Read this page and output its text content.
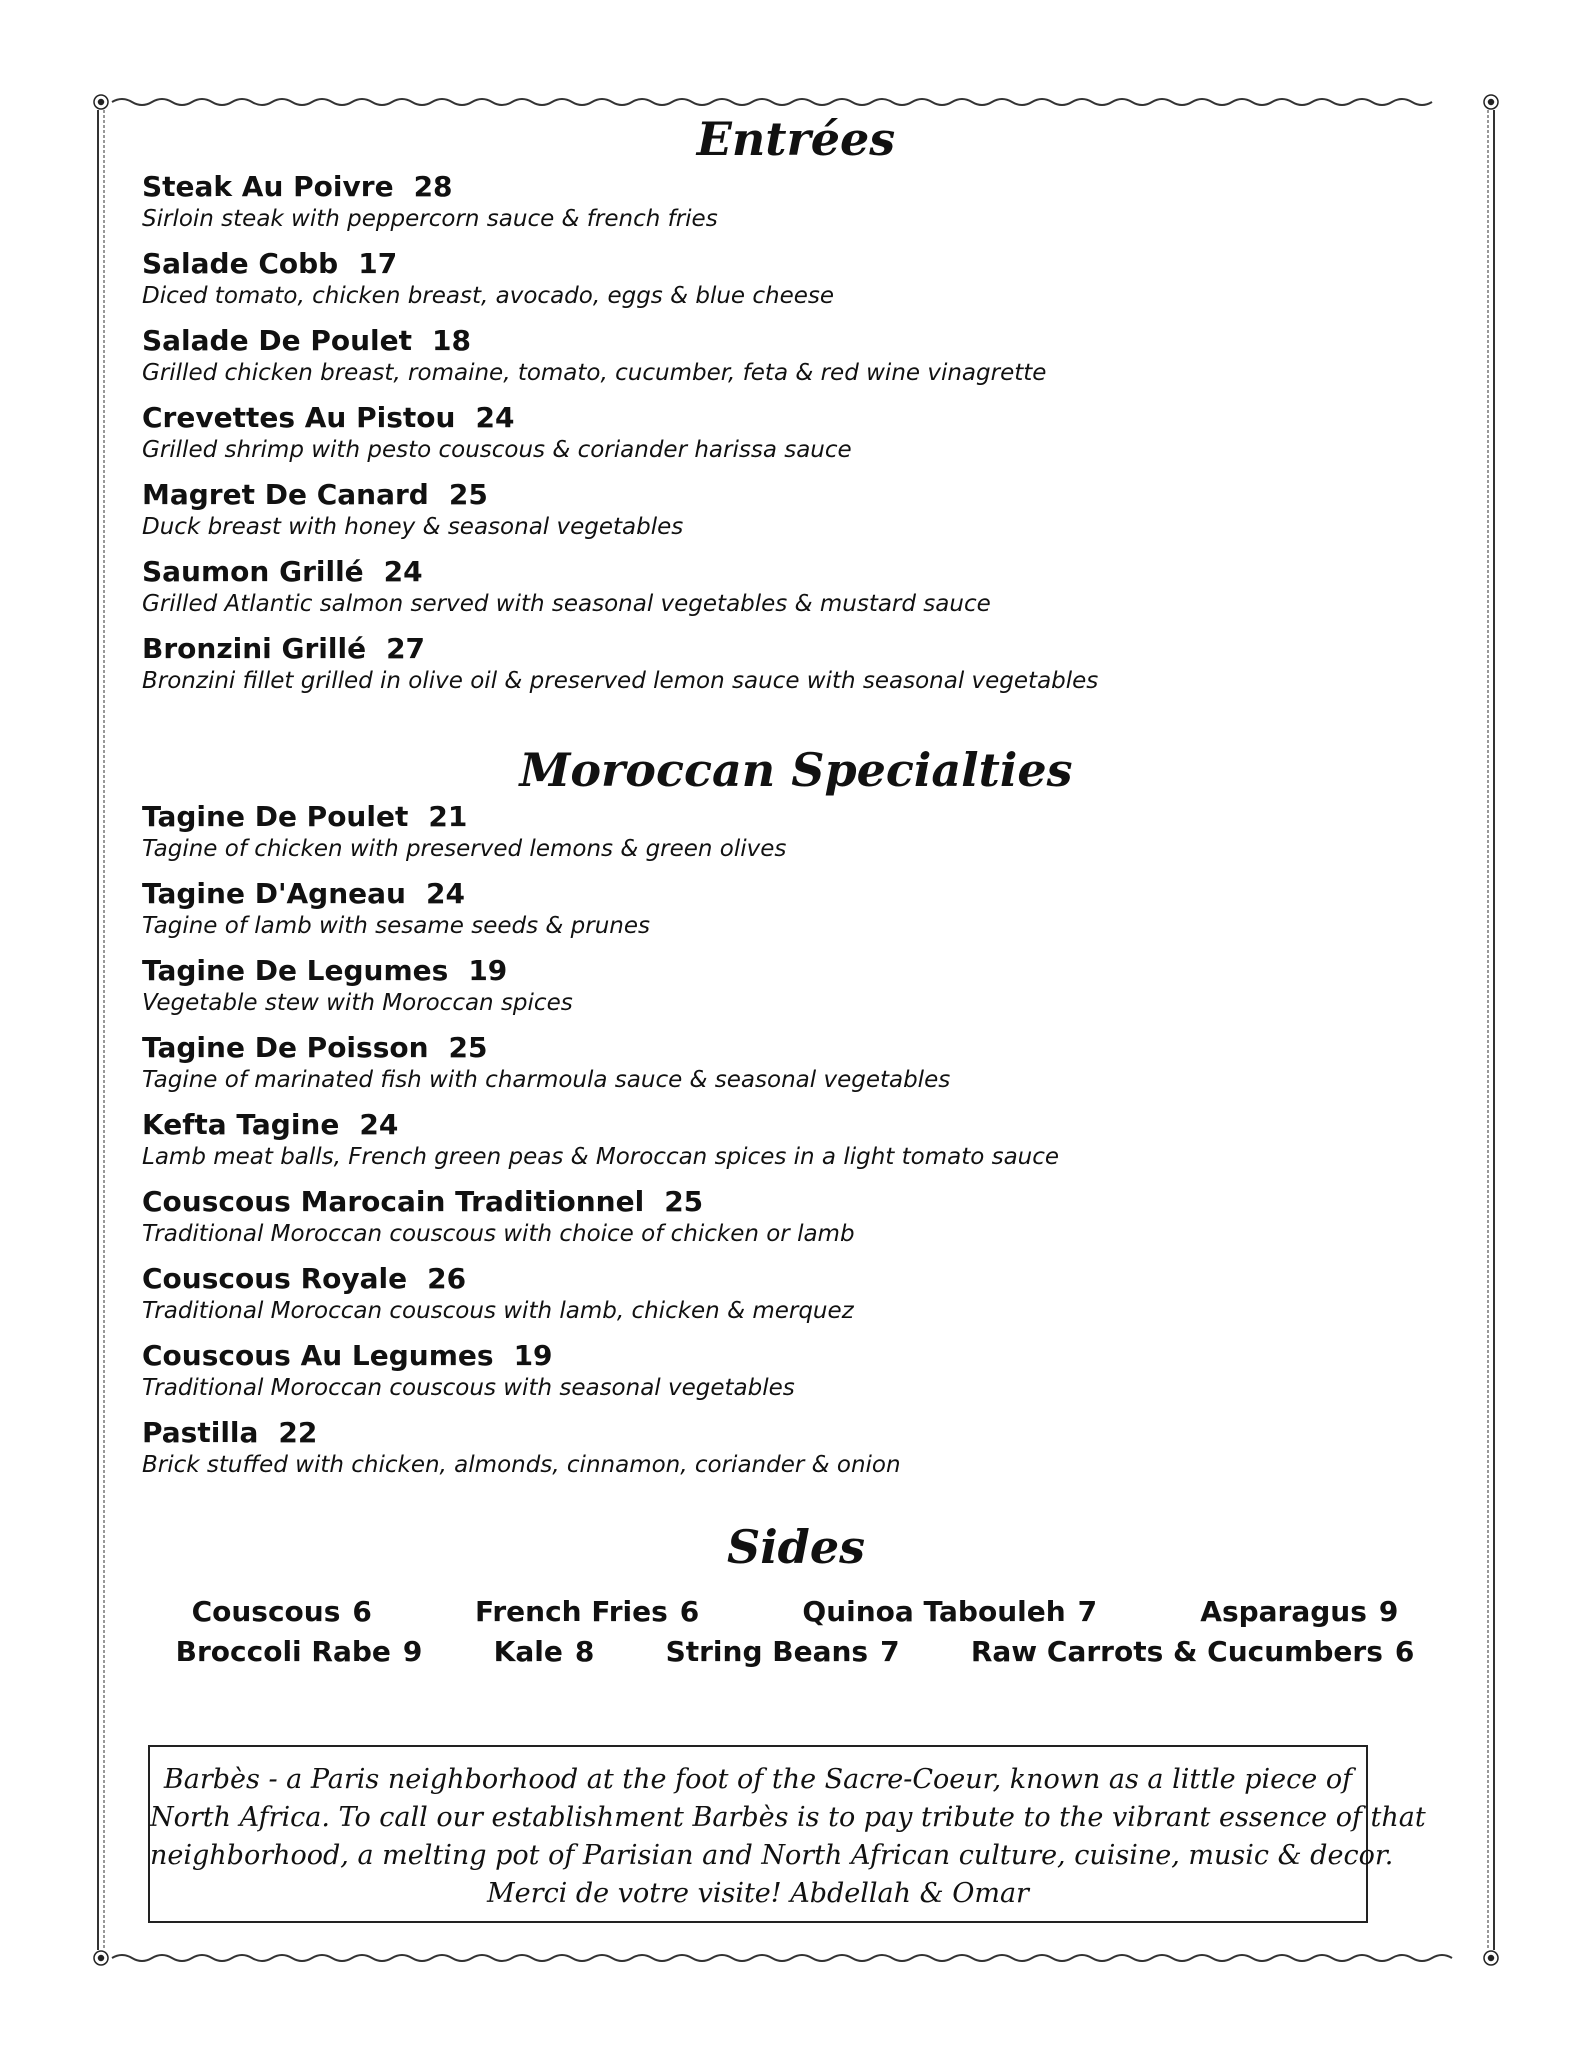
Entrées
Steak Au Poivre 28
Sirloin steak with peppercorn sauce & french fries
Salade Cobb 17
Diced tomato, chicken breast, avocado, eggs & blue cheese
Salade De Poulet 18
Grilled chicken breast, romaine, tomato, cucumber, feta & red wine vinagrette
Crevettes Au Pistou 24
Grilled shrimp with pesto couscous & coriander harissa sauce
Magret De Canard 25
Duck breast with honey & seasonal vegetables
Saumon Grillé 24
Grilled Atlantic salmon served with seasonal vegetables & mustard sauce
Bronzini Grillé 27
Bronzini fillet grilled in olive oil & preserved lemon sauce with seasonal vegetables
Moroccan Specialties
Tagine De Poulet 21
Tagine of chicken with preserved lemons & green olives
Tagine D'Agneau 24
Tagine of lamb with sesame seeds & prunes
Tagine De Legumes 19
Vegetable stew with Moroccan spices
Tagine De Poisson 25
Tagine of marinated fish with charmoula sauce & seasonal vegetables
Kefta Tagine 24
Lamb meat balls, French green peas & Moroccan spices in a light tomato sauce
Couscous Marocain Traditionnel 25
Traditional Moroccan couscous with choice of chicken or lamb
Couscous Royale 26
Traditional Moroccan couscous with lamb, chicken & merquez
Couscous Au Legumes 19
Traditional Moroccan couscous with seasonal vegetables
Pastilla 22
Brick stuffed with chicken, almonds, cinnamon, coriander & onion
Sides
Couscous 6	French Fries 6	Quinoa Tabouleh 7	Asparagus 9
Broccoli Rabe 9	Kale 8	String Beans 7	Raw Carrots & Cucumbers 6
Barbès - a Paris neighborhood at the foot of the Sacre-Coeur, known as a little piece of
North Africa. To call our establishment Barbès is to pay tribute to the vibrant essence of that
neighborhood, a melting pot of Parisian and North African culture, cuisine, music & decor.
Merci de votre visite! Abdellah & Omar
